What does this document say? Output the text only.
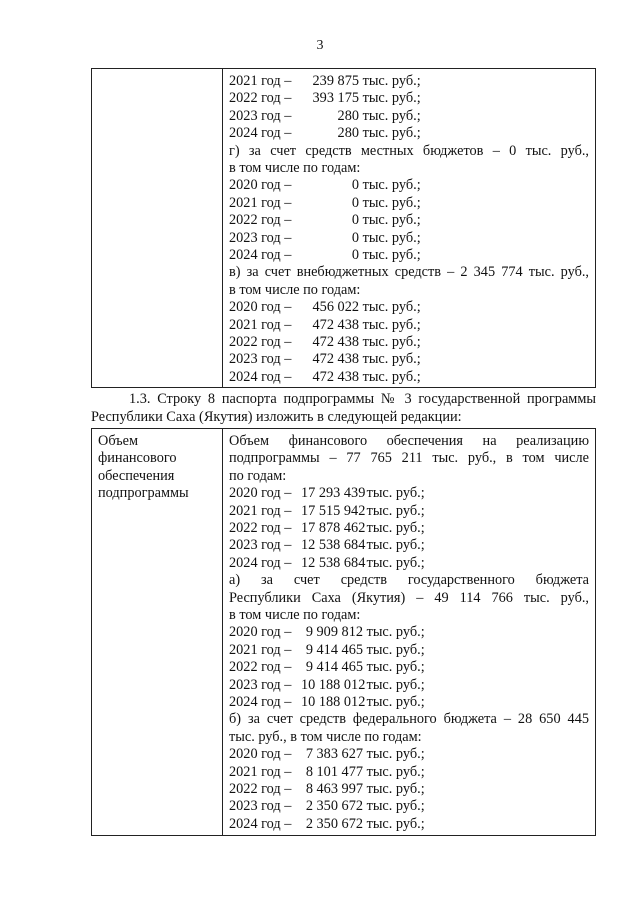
3

2021 год – 239 875 тыс. руб.;
2022 год – 393 175 тыс. руб.;
2023 год –	280 тыс. руб.;
2024 год –	280 тыс. руб.;
г) за счет средств местных бюджетов – 0 тыс. руб.,
в том числе по годам:
2020 год –	0 тыс. руб.;
2021 год –	0 тыс. руб.;
2022 год –	0 тыс. руб.;
2023 год –	0 тыс. руб.;
2024 год –	0 тыс. руб.;
в) за счет внебюджетных средств – 2 345 774 тыс. руб.,
в том числе по годам:
2020 год – 456 022 тыс. руб.;
2021 год – 472 438 тыс. руб.;
2022 год – 472 438 тыс. руб.;
2023 год – 472 438 тыс. руб.;
2024 год – 472 438 тыс. руб.;
1.3. Строку 8 паспорта подпрограммы № 3 государственной программы
Республики Саха (Якутия) изложить в следующей редакции:
Объем
финансового
обеспечения
подпрограммы

Объем финансового обеспечения на реализацию
подпрограммы – 77 765 211 тыс. руб., в том числе
по годам:
2020 год – 17 293 439 тыс. руб.;
2021 год – 17 515 942 тыс. руб.;
2022 год – 17 878 462 тыс. руб.;
2023 год – 12 538 684 тыс. руб.;
2024 год – 12 538 684 тыс. руб.;
а) за счет средств государственного бюджета
Республики Саха (Якутия) – 49 114 766 тыс. руб.,
в том числе по годам:
2020 год – 9 909 812 тыс. руб.;
2021 год – 9 414 465 тыс. руб.;
2022 год – 9 414 465 тыс. руб.;
2023 год – 10 188 012 тыс. руб.;
2024 год – 10 188 012 тыс. руб.;
б) за счет средств федерального бюджета – 28 650 445
тыс. руб., в том числе по годам:
2020 год – 7 383 627 тыс. руб.;
2021 год – 8 101 477 тыс. руб.;
2022 год – 8 463 997 тыс. руб.;
2023 год – 2 350 672 тыс. руб.;
2024 год – 2 350 672 тыс. руб.;
